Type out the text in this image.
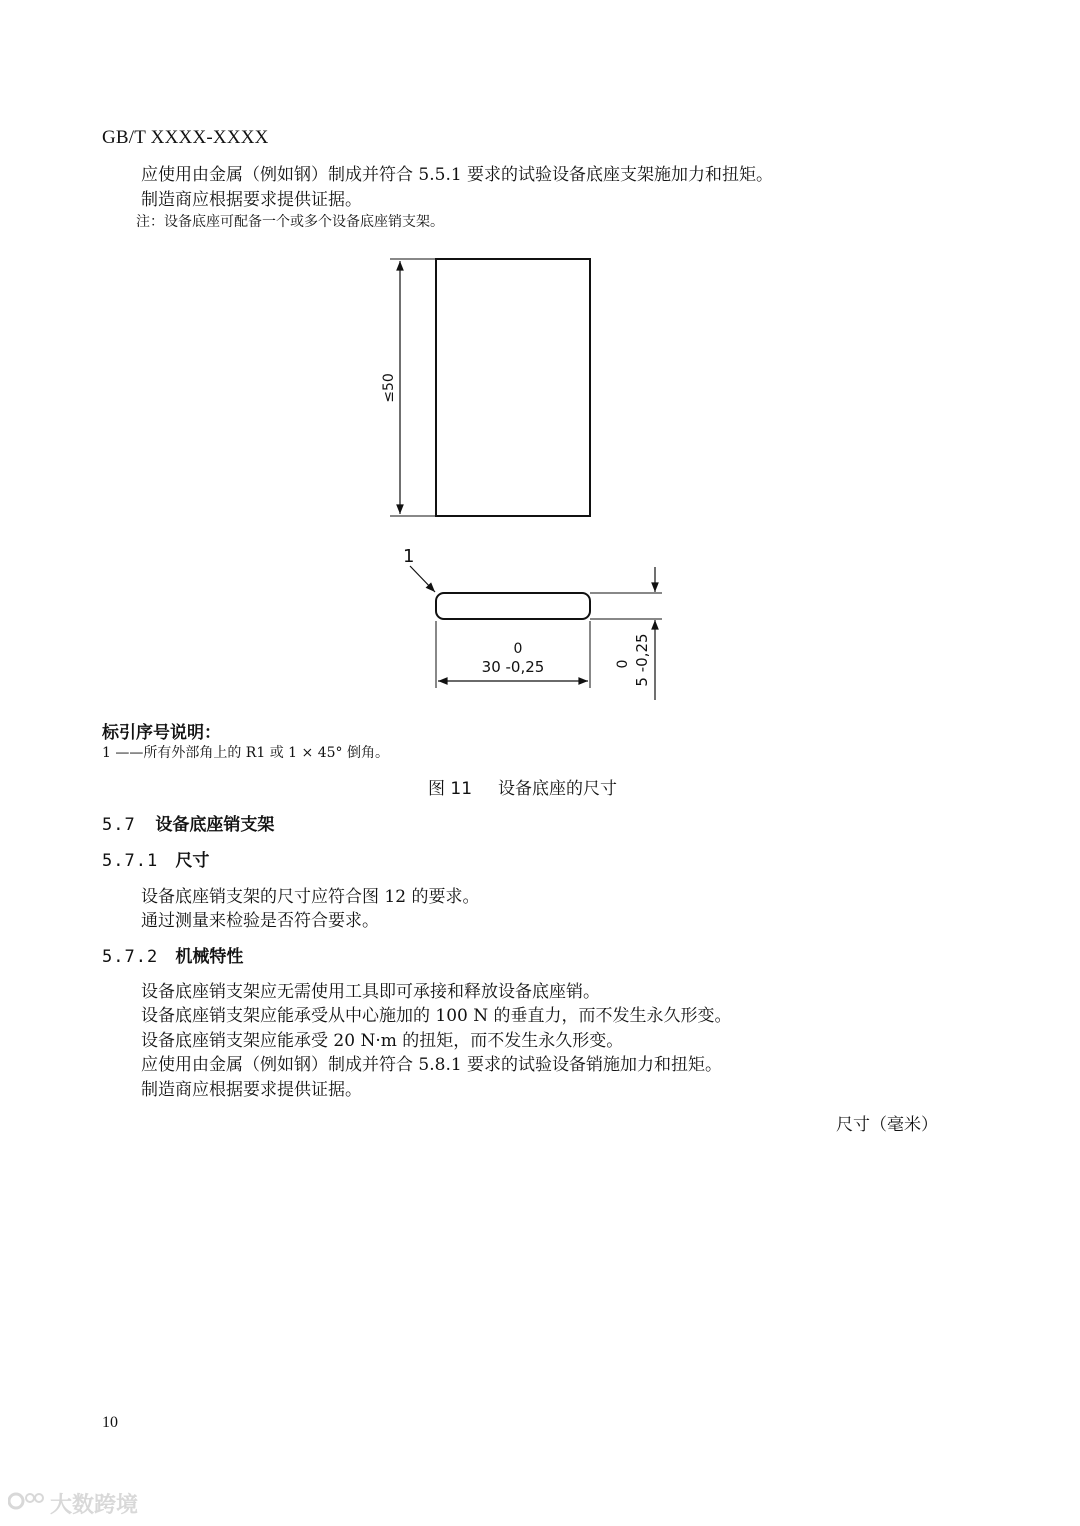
GB/T XXXX-XXXX
应使用由金属（例如钢）制成并符合 5.5.1 要求的试验设备底座支架施加力和扭矩。
制造商应根据要求提供证据。
注：设备底座可配备一个或多个设备底座销支架。
≤50
1
0
30 -0,25	0 5 -0,25
标引序号说明：
1 ——所有外部角上的 R1 或 1 × 45° 倒角。
图 11 设备底座的尺寸
5.7 设备底座销支架
5.7.1 尺寸
设备底座销支架的尺寸应符合图 12 的要求。
通过测量来检验是否符合要求。
5.7.2 机械特性
设备底座销支架应无需使用工具即可承接和释放设备底座销。
设备底座销支架应能承受从中心施加的 100 N 的垂直力，而不发生永久形变。
设备底座销支架应能承受 20 N·m 的扭矩，而不发生永久形变。
应使用由金属（例如钢）制成并符合 5.8.1 要求的试验设备销施加力和扭矩。
制造商应根据要求提供证据。
尺寸（毫米）
10
大数跨境
